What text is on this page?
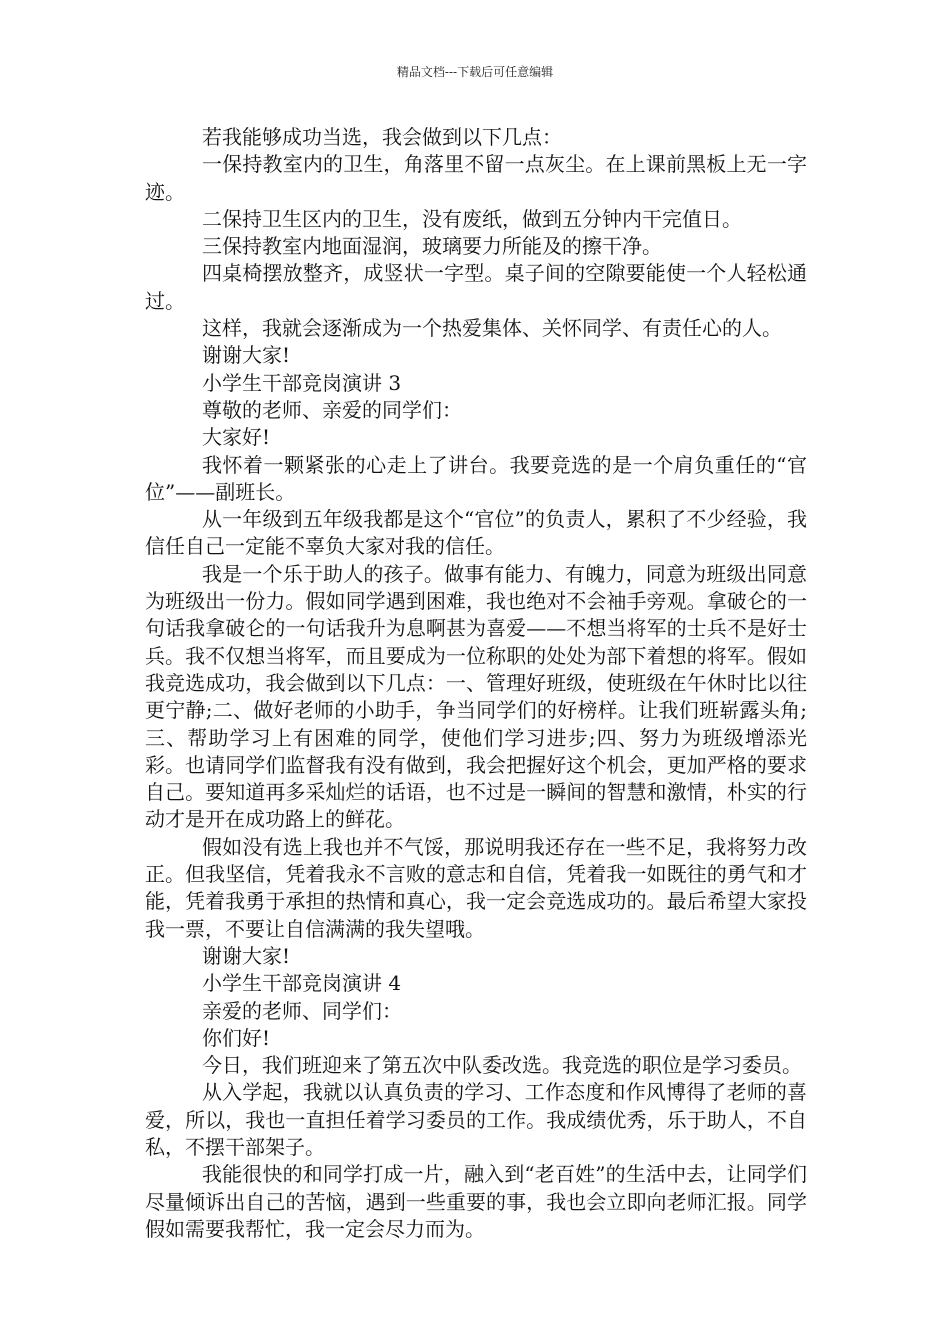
精品文档---下载后可任意编辑

若我能够成功当选，我会做到以下几点：

一保持教室内的卫生，角落里不留一点灰尘。在上课前黑板上无一字迹。

二保持卫生区内的卫生，没有废纸，做到五分钟内干完值日。

三保持教室内地面湿润，玻璃要力所能及的擦干净。

四桌椅摆放整齐，成竖状一字型。桌子间的空隙要能使一个人轻松通过。

这样，我就会逐渐成为一个热爱集体、关怀同学、有责任心的人。

谢谢大家!

小学生干部竞岗演讲 3

尊敬的老师、亲爱的同学们：

大家好!

我怀着一颗紧张的心走上了讲台。我要竞选的是一个肩负重任的“官位”——副班长。

从一年级到五年级我都是这个“官位”的负责人，累积了不少经验，我信任自己一定能不辜负大家对我的信任。

我是一个乐于助人的孩子。做事有能力、有魄力，同意为班级出同意为班级出一份力。假如同学遇到困难，我也绝对不会袖手旁观。拿破仑的一句话我拿破仑的一句话我升为息啊甚为喜爱——不想当将军的士兵不是好士兵。我不仅想当将军，而且要成为一位称职的处处为部下着想的将军。假如我竞选成功，我会做到以下几点：一、管理好班级，使班级在午休时比以往更宁静;二、做好老师的小助手，争当同学们的好榜样。让我们班崭露头角;三、帮助学习上有困难的同学，使他们学习进步;四、努力为班级增添光彩。也请同学们监督我有没有做到，我会把握好这个机会，更加严格的要求自己。要知道再多采灿烂的话语，也不过是一瞬间的智慧和激情，朴实的行动才是开在成功路上的鲜花。

假如没有选上我也并不气馁，那说明我还存在一些不足，我将努力改正。但我坚信，凭着我永不言败的意志和自信，凭着我一如既往的勇气和才能，凭着我勇于承担的热情和真心，我一定会竞选成功的。最后希望大家投我一票，不要让自信满满的我失望哦。

谢谢大家!

小学生干部竞岗演讲 4

亲爱的老师、同学们：

你们好!

今日，我们班迎来了第五次中队委改选。我竞选的职位是学习委员。

从入学起，我就以认真负责的学习、工作态度和作风博得了老师的喜爱，所以，我也一直担任着学习委员的工作。我成绩优秀，乐于助人，不自私，不摆干部架子。

我能很快的和同学打成一片，融入到“老百姓”的生活中去，让同学们尽量倾诉出自己的苦恼，遇到一些重要的事，我也会立即向老师汇报。同学假如需要我帮忙，我一定会尽力而为。
